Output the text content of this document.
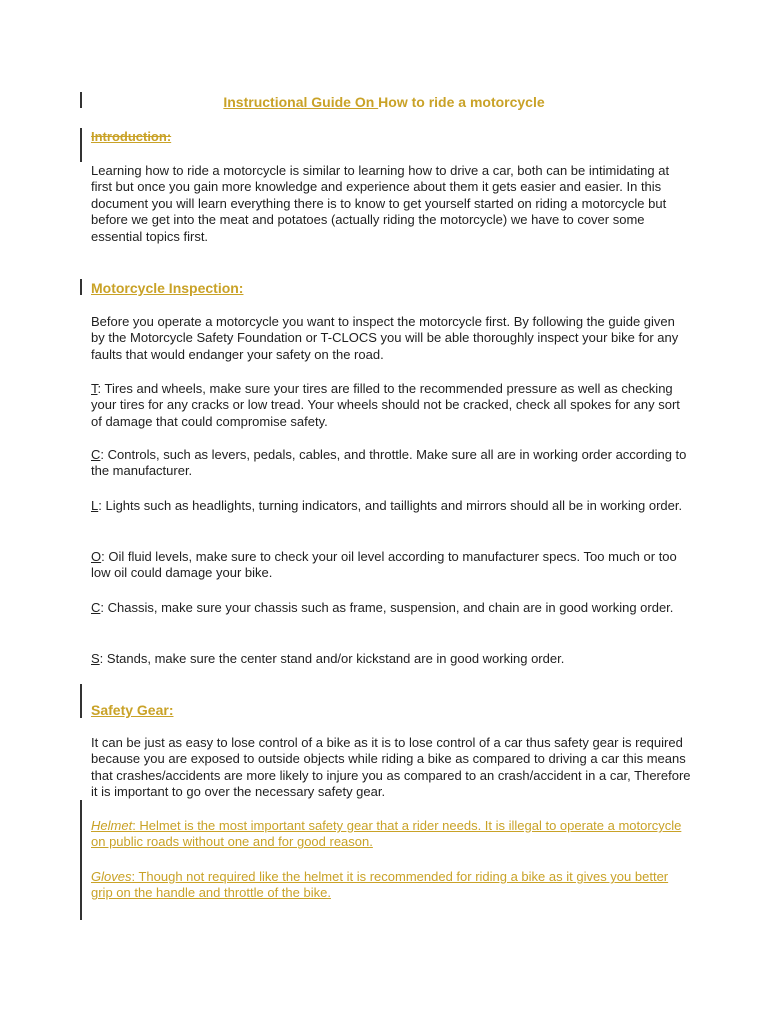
Instructional Guide On How to ride a motorcycle
Introduction:

Learning how to ride a motorcycle is similar to learning how to drive a car, both can be intimidating at first but once you gain more knowledge and experience about them it gets easier and easier. In this document you will learn everything there is to know to get yourself started on riding a motorcycle but before we get into the meat and potatoes (actually riding the motorcycle) we have to cover some essential topics first.

Motorcycle Inspection:

Before you operate a motorcycle you want to inspect the motorcycle first. By following the guide given by the Motorcycle Safety Foundation or T-CLOCS you will be able thoroughly inspect your bike for any faults that would endanger your safety on the road.

T: Tires and wheels, make sure your tires are filled to the recommended pressure as well as checking your tires for any cracks or low tread. Your wheels should not be cracked, check all spokes for any sort of damage that could compromise safety.

C: Controls, such as levers, pedals, cables, and throttle. Make sure all are in working order according to the manufacturer.

L: Lights such as headlights, turning indicators, and taillights and mirrors should all be in working order.

O: Oil fluid levels, make sure to check your oil level according to manufacturer specs. Too much or too low oil could damage your bike.

C: Chassis, make sure your chassis such as frame, suspension, and chain are in good working order.

S: Stands, make sure the center stand and/or kickstand are in good working order.

Safety Gear:

It can be just as easy to lose control of a bike as it is to lose control of a car thus safety gear is required because you are exposed to outside objects while riding a bike as compared to driving a car this means that crashes/accidents are more likely to injure you as compared to an crash/accident in a car, Therefore it is important to go over the necessary safety gear.

Helmet: Helmet is the most important safety gear that a rider needs. It is illegal to operate a motorcycle on public roads without one and for good reason.

Gloves: Though not required like the helmet it is recommended for riding a bike as it gives you better grip on the handle and throttle of the bike.
